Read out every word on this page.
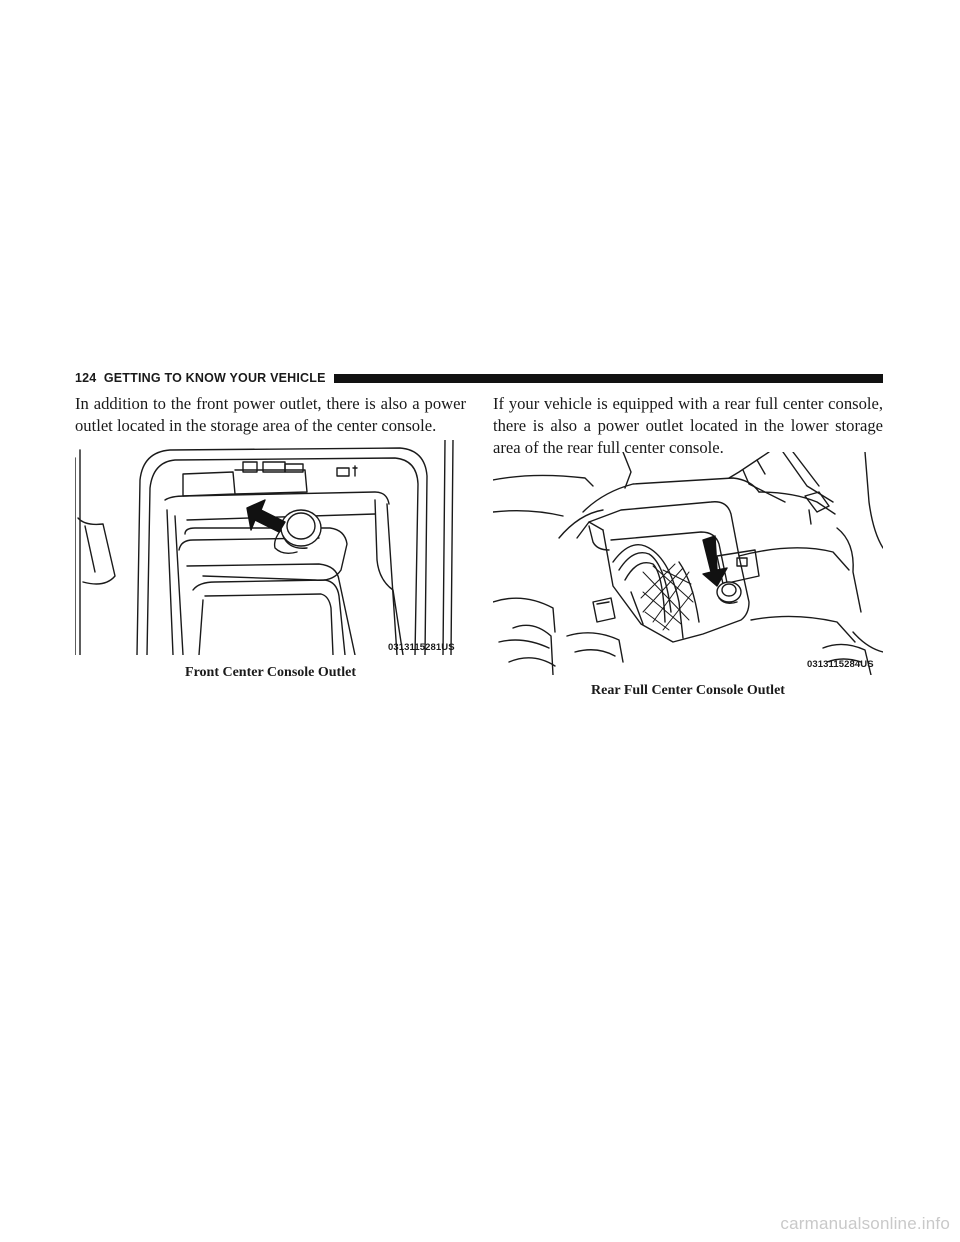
124 GETTING TO KNOW YOUR VEHICLE

In addition to the front power outlet, there is also a power
outlet located in the storage area of the center console.

If your vehicle is equipped with a rear full center console,
there is also a power outlet located in the lower storage
area of the rear full center console.

0313115281US
Front Center Console Outlet
0313115284US
Rear Full Center Console Outlet
carmanualsonline.info
